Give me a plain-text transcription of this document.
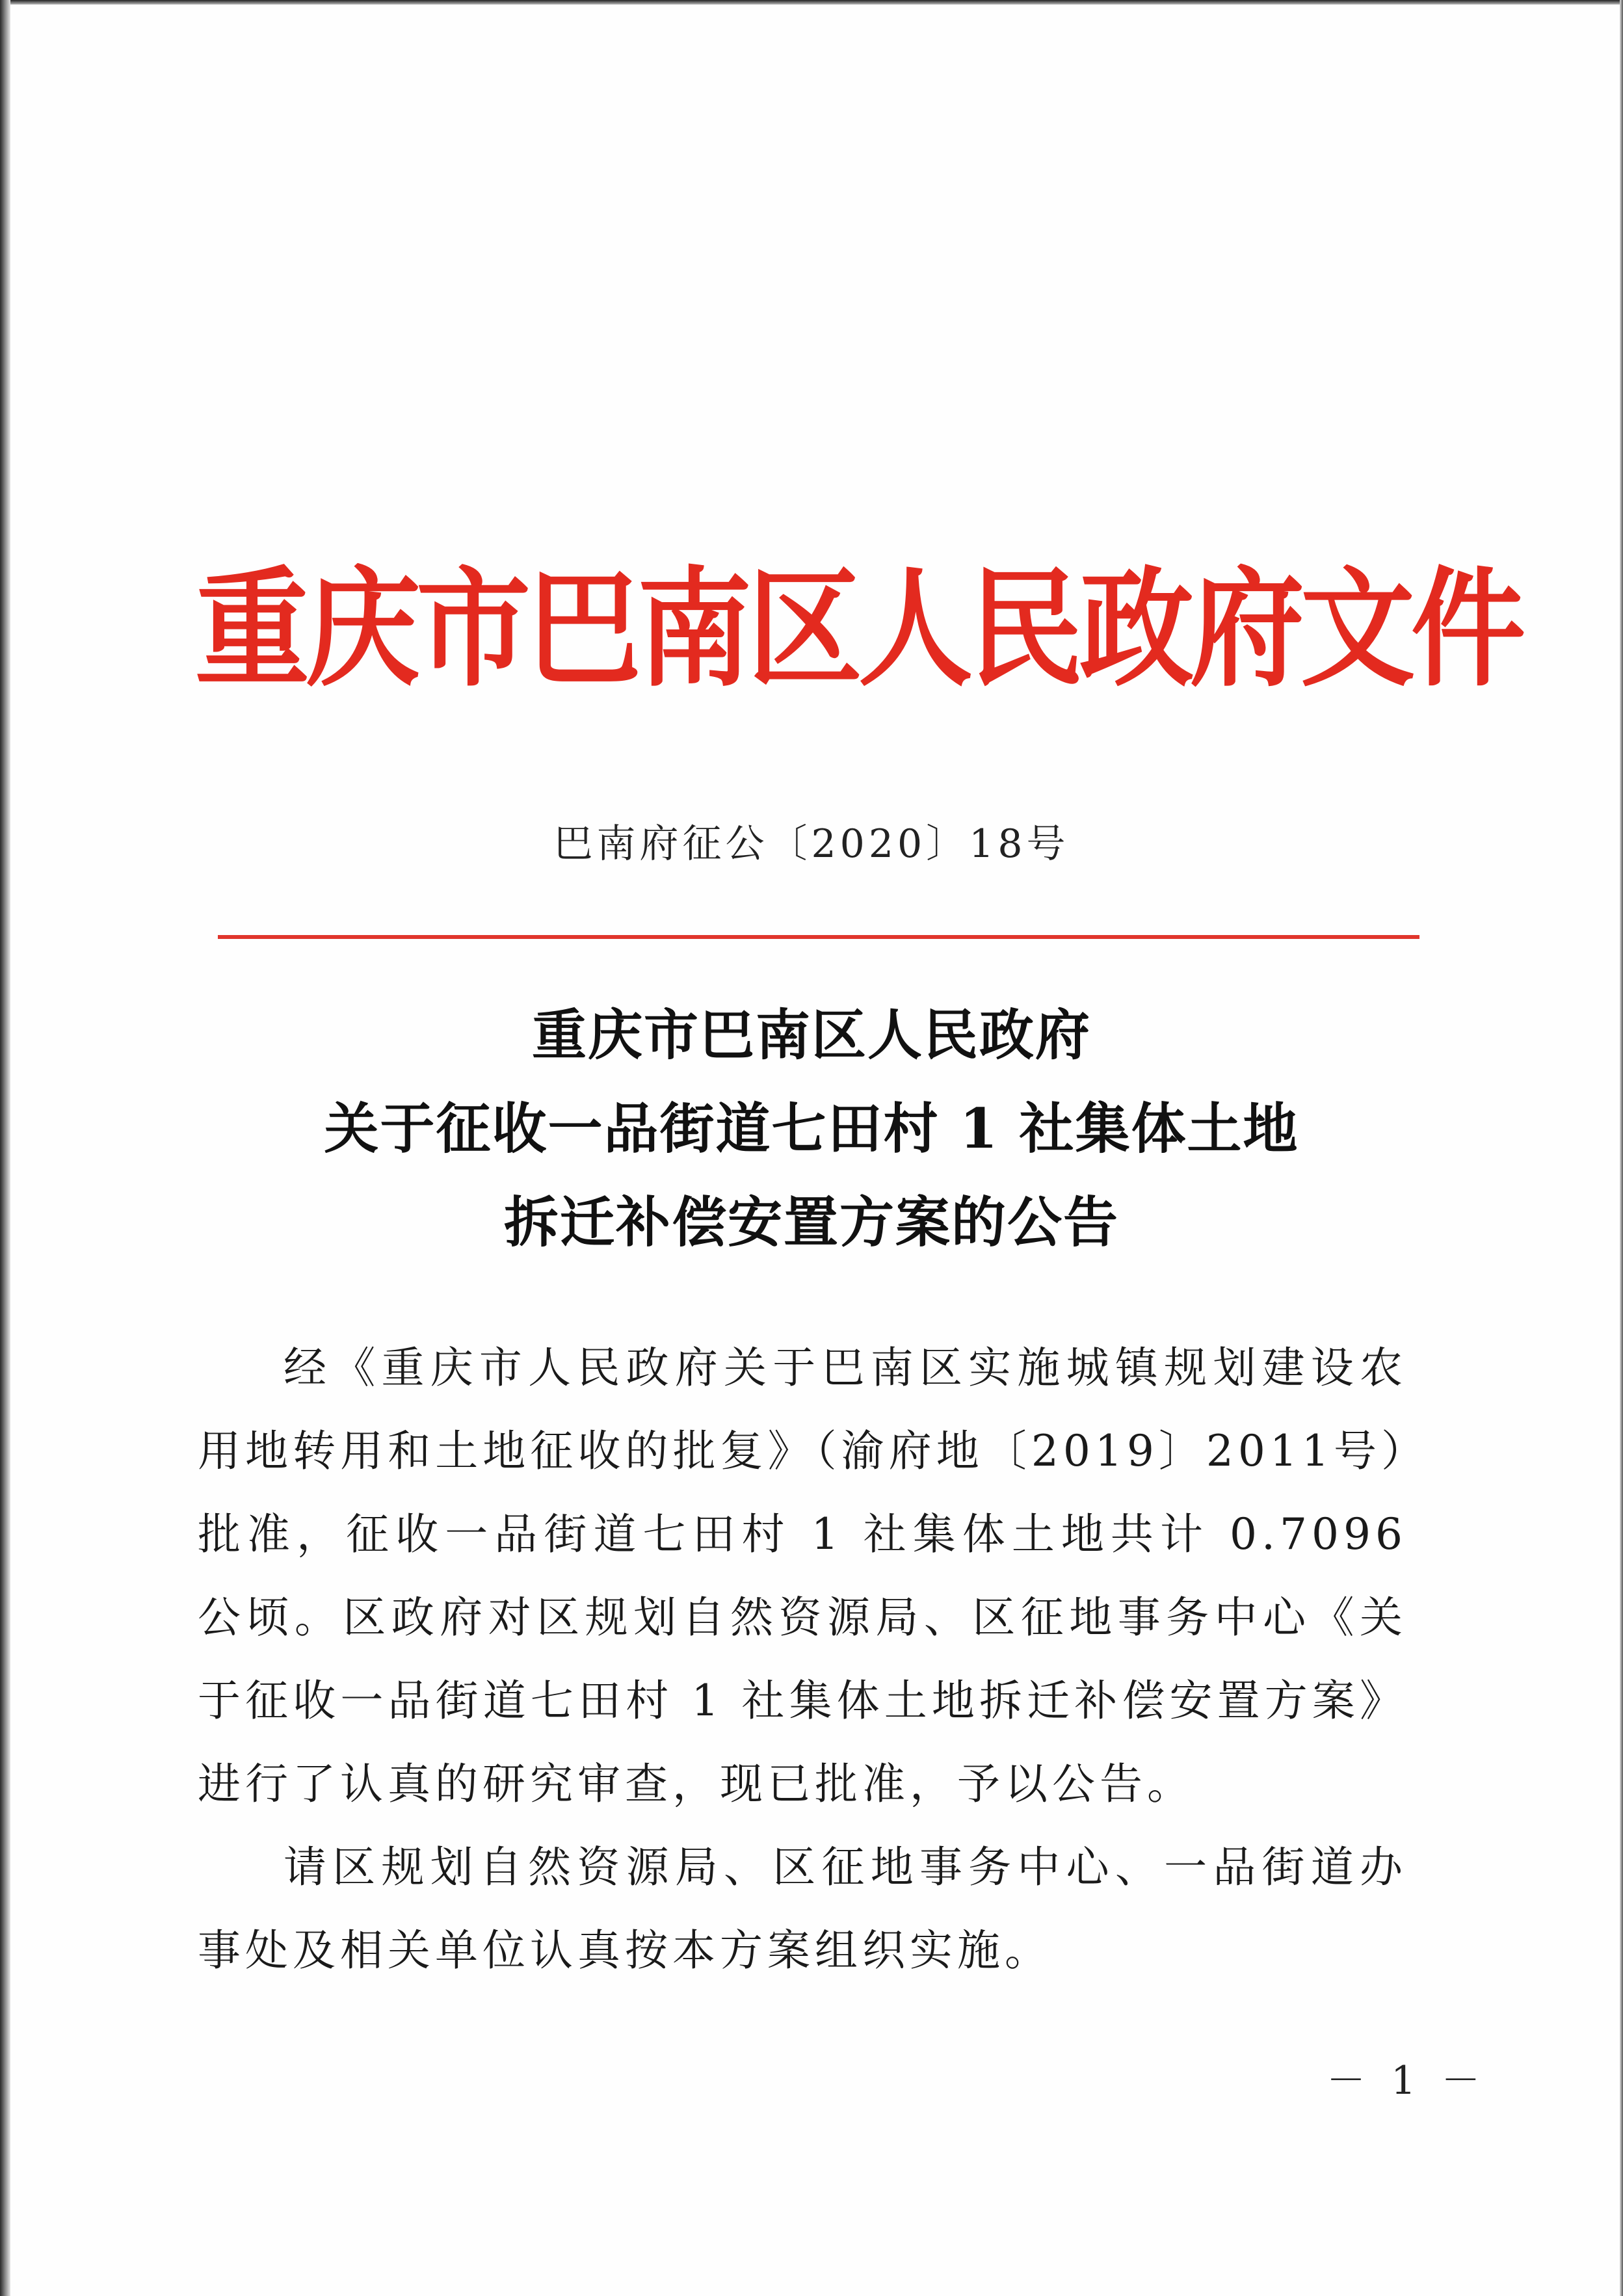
重庆市巴南区人民政府文件
巴南府征公〔2020〕18号
重庆市巴南区人民政府
关于征收一品街道七田村 1 社集体土地
拆迁补偿安置方案的公告

经《重庆市人民政府关于巴南区实施城镇规划建设农用地转用和土地征收的批复》（渝府地〔2019〕2011号）批准，征收一品街道七田村 1 社集体土地共计 0.7096 公顷。区政府对区规划自然资源局、区征地事务中心《关于征收一品街道七田村 1 社集体土地拆迁补偿安置方案》进行了认真的研究审查，现已批准，予以公告。

请区规划自然资源局、区征地事务中心、一品街道办事处及相关单位认真按本方案组织实施。

－ 1 －
